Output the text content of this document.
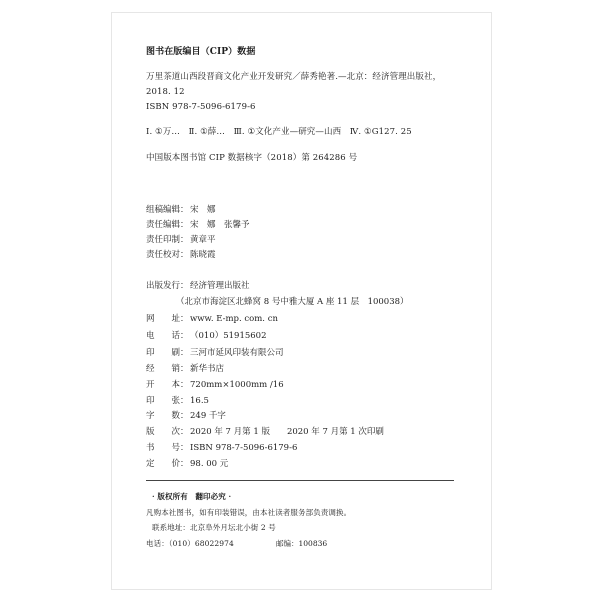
图书在版编目（CIP）数据
万里茶道山西段晋商文化产业开发研究／薛秀艳著.—北京：经济管理出版社，
2018. 12
ISBN 978-7-5096-6179-6
Ⅰ. ①万…　Ⅱ. ①薛…　Ⅲ. ①文化产业—研究—山西　Ⅳ. ①G127. 25
中国版本图书馆 CIP 数据核字（2018）第 264286 号
组稿编辑： 宋　娜
责任编辑： 宋　娜　张馨予
责任印制： 黄章平
责任校对： 陈晓霞
出版发行： 经济管理出版社
（北京市海淀区北蜂窝 8 号中雅大厦 A 座 11 层　100038）
网　　址： www. E-mp. com. cn
电　　话： （010）51915602
印　　刷： 三河市延风印装有限公司
经　　销： 新华书店
开　　本： 720mm×1000mm /16
印　　张： 16.5
字　　数： 249 千字
版　　次： 2020 年 7 月第 1 版　　2020 年 7 月第 1 次印刷
书　　号： ISBN 978-7-5096-6179-6
定　　价： 98. 00 元
· 版权所有　翻印必究 ·
凡购本社图书，如有印装错误，由本社读者服务部负责调换。
联系地址：北京阜外月坛北小街 2 号
电话：（010）68022974	邮编：100836
